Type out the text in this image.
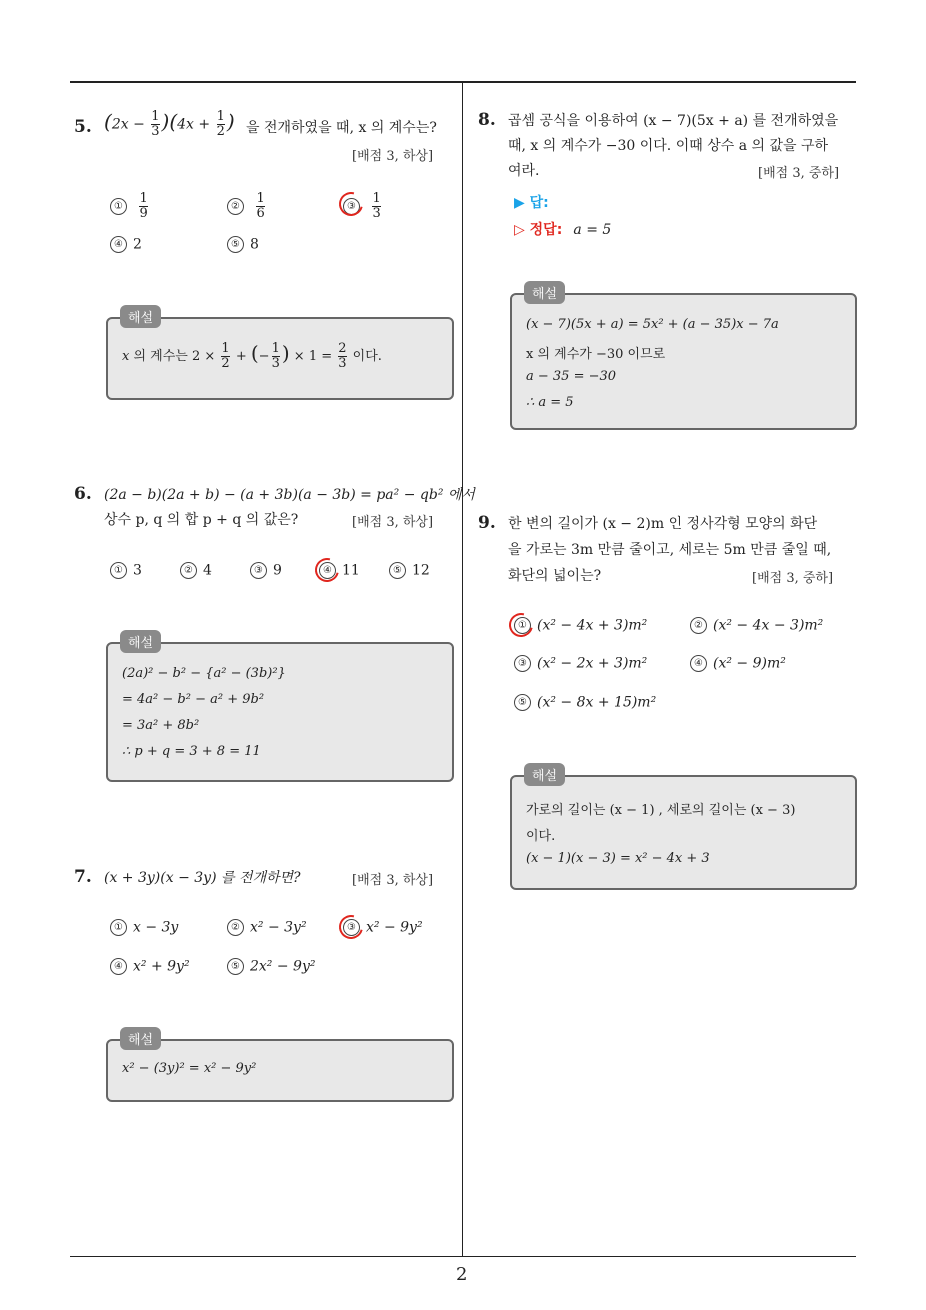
2
5. $(2x - \frac{1}{3} )(4x + \frac{1}{2}$ ) 을 전개하였을 때, x 의 계수는?
[배점 3, 하상]
① $\frac{1}{9}$	② $\frac{1}{6}$	③ $\frac{1}{3}$
④ 2	⑤ 8
x 의 계수는 $2 \times \frac{1}{2}$ + (− $\frac{1}{3}$ ) × $1 = \frac{2}{3}$ 이다.
해설
6. (2a − b)(2a + b) − (a + 3b)(a − 3b) = pa² − qb² 에서
상수 p, q 의 합 p + q 의 값은?	[배점 3, 하상]
① 3	② 4	③ 9	④ 11	⑤ 12
(2a)² − b² − {a² − (3b)²}
= 4a² − b² − a² + 9b²
= 3a² + 8b²
∴ p + q = 3 + 8 = 11
해설
7. (x + 3y)(x − 3y) 를 전개하면?	[배점 3, 하상]
① x − 3y	② x² − 3y²	③ x² − 9y²
④ x² + 9y²	⑤ 2x² − 9y²
x² − (3y)² = x² − 9y²
해설
8. 곱셈 공식을 이용하여 (x − 7)(5x + a) 를 전개하였을
때, x 의 계수가 −30 이다. 이때 상수 a 의 값을 구하
여라.	[배점 3, 중하]
▶ 답:
▷ 정답: a = 5
(x − 7)(5x + a) = 5x² + (a − 35)x − 7a
x 의 계수가 −30 이므로
a − 35 = −30
∴ a = 5
해설
9. 한 변의 길이가 (x − 2)m 인 정사각형 모양의 화단
을 가로는 3m 만큼 줄이고, 세로는 5m 만큼 줄일 때,
화단의 넓이는?	[배점 3, 중하]
① (x² − 4x + 3)m²	② (x² − 4x − 3)m²
③ (x² − 2x + 3)m²	④ (x² − 9)m²
⑤ (x² − 8x + 15)m²
가로의 길이는 (x − 1) , 세로의 길이는 (x − 3)
이다.
(x − 1)(x − 3) = x² − 4x + 3
해설
